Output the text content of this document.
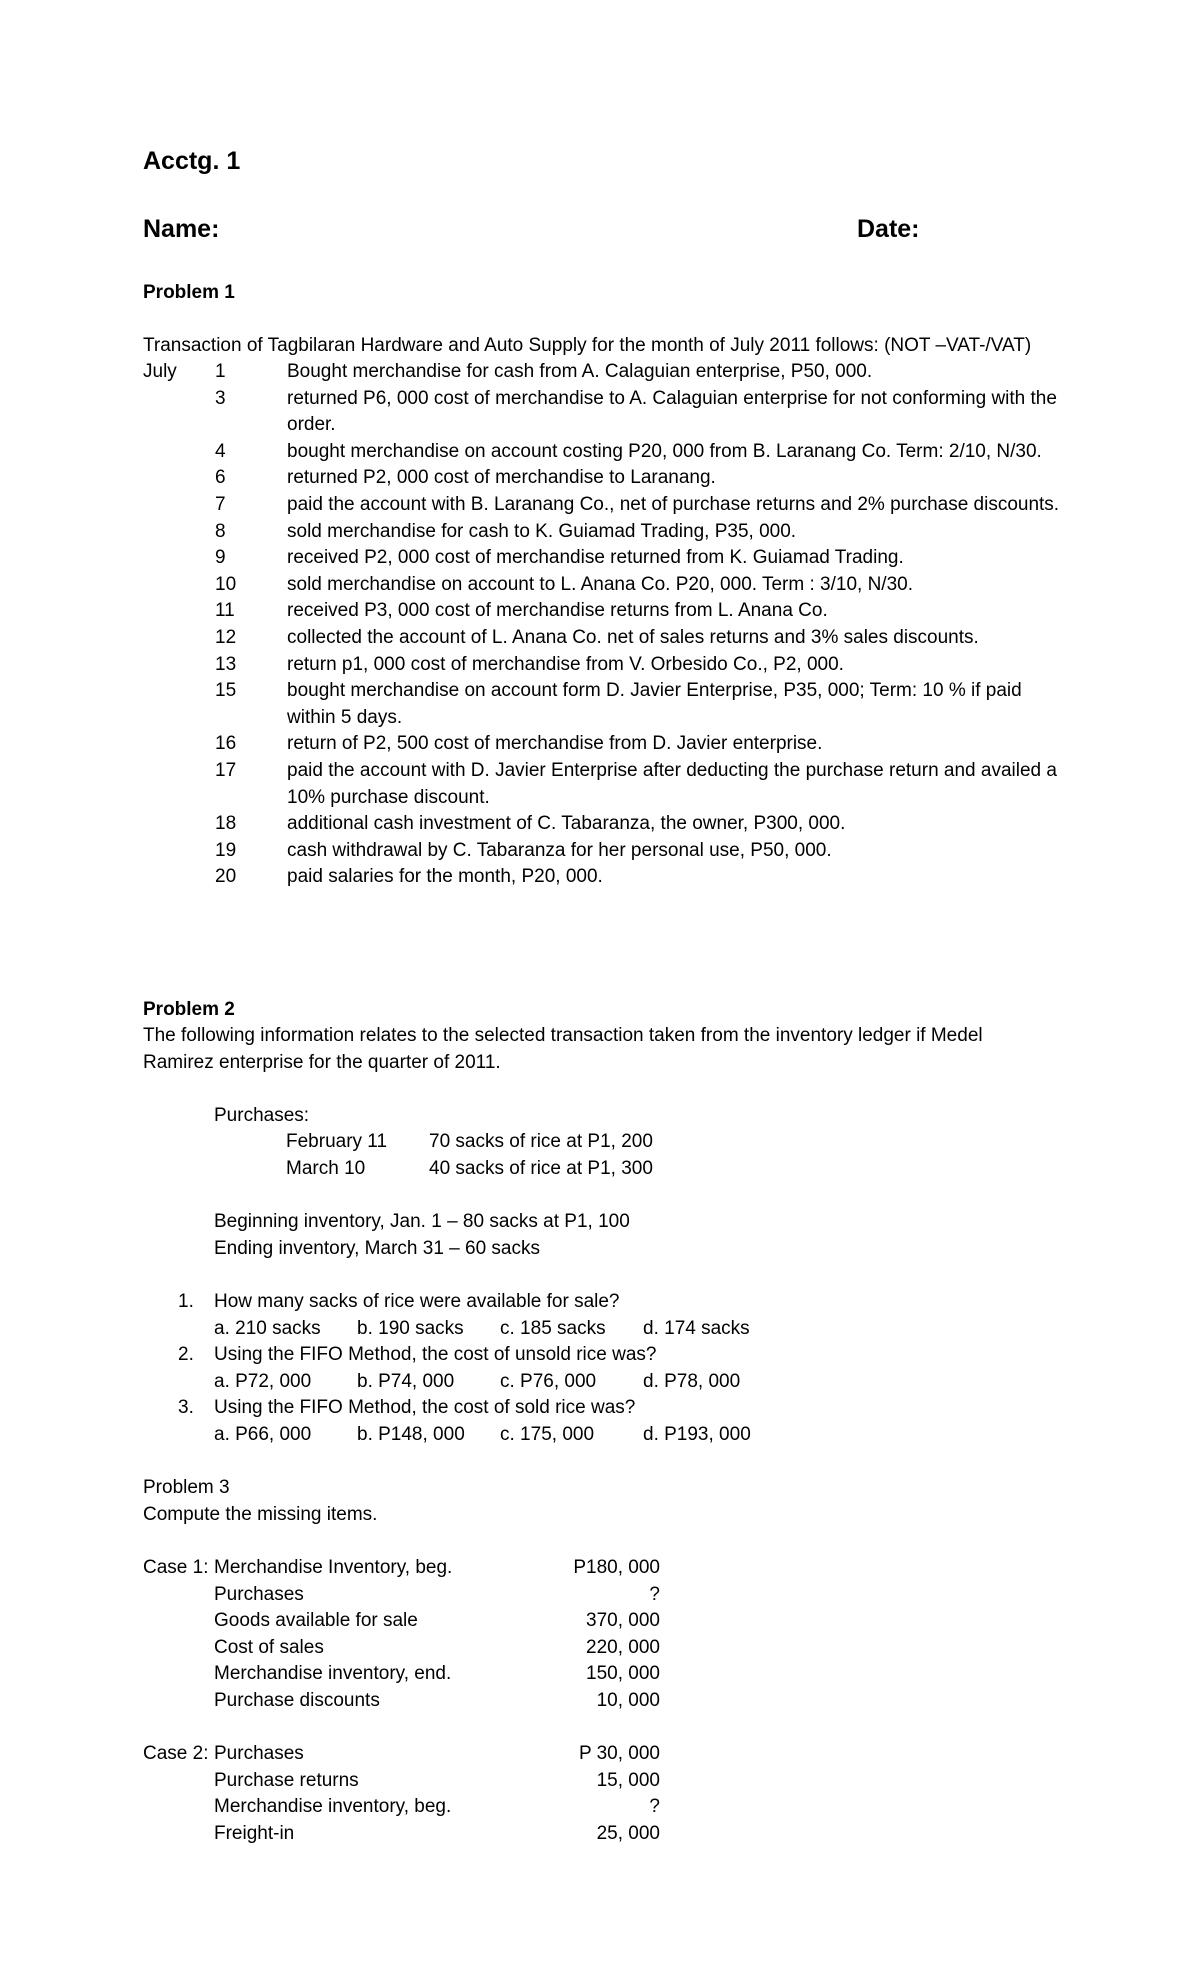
Acctg. 1
Name:	Date:
Problem 1
Transaction of Tagbilaran Hardware and Auto Supply for the month of July 2011 follows: (NOT –VAT-/VAT)
July	1	Bought merchandise for cash from A. Calaguian enterprise, P50, 000.
3	returned P6, 000 cost of merchandise to A. Calaguian enterprise for not conforming with the order.
4	bought merchandise on account costing P20, 000 from B. Laranang Co. Term: 2/10, N/30.
6	returned P2, 000 cost of merchandise to Laranang.
7	paid the account with B. Laranang Co., net of purchase returns and 2% purchase discounts.
8	sold merchandise for cash to K. Guiamad Trading, P35, 000.
9	received P2, 000 cost of merchandise returned from K. Guiamad Trading.
10	sold merchandise on account to L. Anana Co. P20, 000. Term : 3/10, N/30.
11	received P3, 000 cost of merchandise returns from L. Anana Co.
12	collected the account of L. Anana Co. net of sales returns and 3% sales discounts.
13	return p1, 000 cost of merchandise from V. Orbesido Co., P2, 000.
15	bought merchandise on account form D. Javier Enterprise, P35, 000; Term: 10 % if paid within 5 days.
16	return of P2, 500 cost of merchandise from D. Javier enterprise.
17	paid the account with D. Javier Enterprise after deducting the purchase return and availed a 10% purchase discount.
18	additional cash investment of C. Tabaranza, the owner, P300, 000.
19	cash withdrawal by C. Tabaranza for her personal use, P50, 000.
20	paid salaries for the month, P20, 000.
Problem 2
The following information relates to the selected transaction taken from the inventory ledger if Medel
Ramirez enterprise for the quarter of 2011.
Purchases:
February 11 70 sacks of rice at P1, 200
March 10	40 sacks of rice at P1, 300
Beginning inventory, Jan. 1 – 80 sacks at P1, 100
Ending inventory, March 31 – 60 sacks
1. How many sacks of rice were available for sale?
a. 210 sacks b. 190 sacks c. 185 sacks d. 174 sacks
2. Using the FIFO Method, the cost of unsold rice was?
a. P72, 000 b. P74, 000 c. P76, 000 d. P78, 000
3. Using the FIFO Method, the cost of sold rice was?
a. P66, 000 b. P148, 000 c. 175, 000	d. P193, 000
Problem 3
Compute the missing items.
Case 1: Merchandise Inventory, beg.	P180, 000
Purchases	?
Goods available for sale	370, 000
Cost of sales	220, 000
Merchandise inventory, end.	150, 000
Purchase discounts	10, 000
Case 2: Purchases	P 30, 000
Purchase returns	15, 000
Merchandise inventory, beg.	?
Freight-in	25, 000
